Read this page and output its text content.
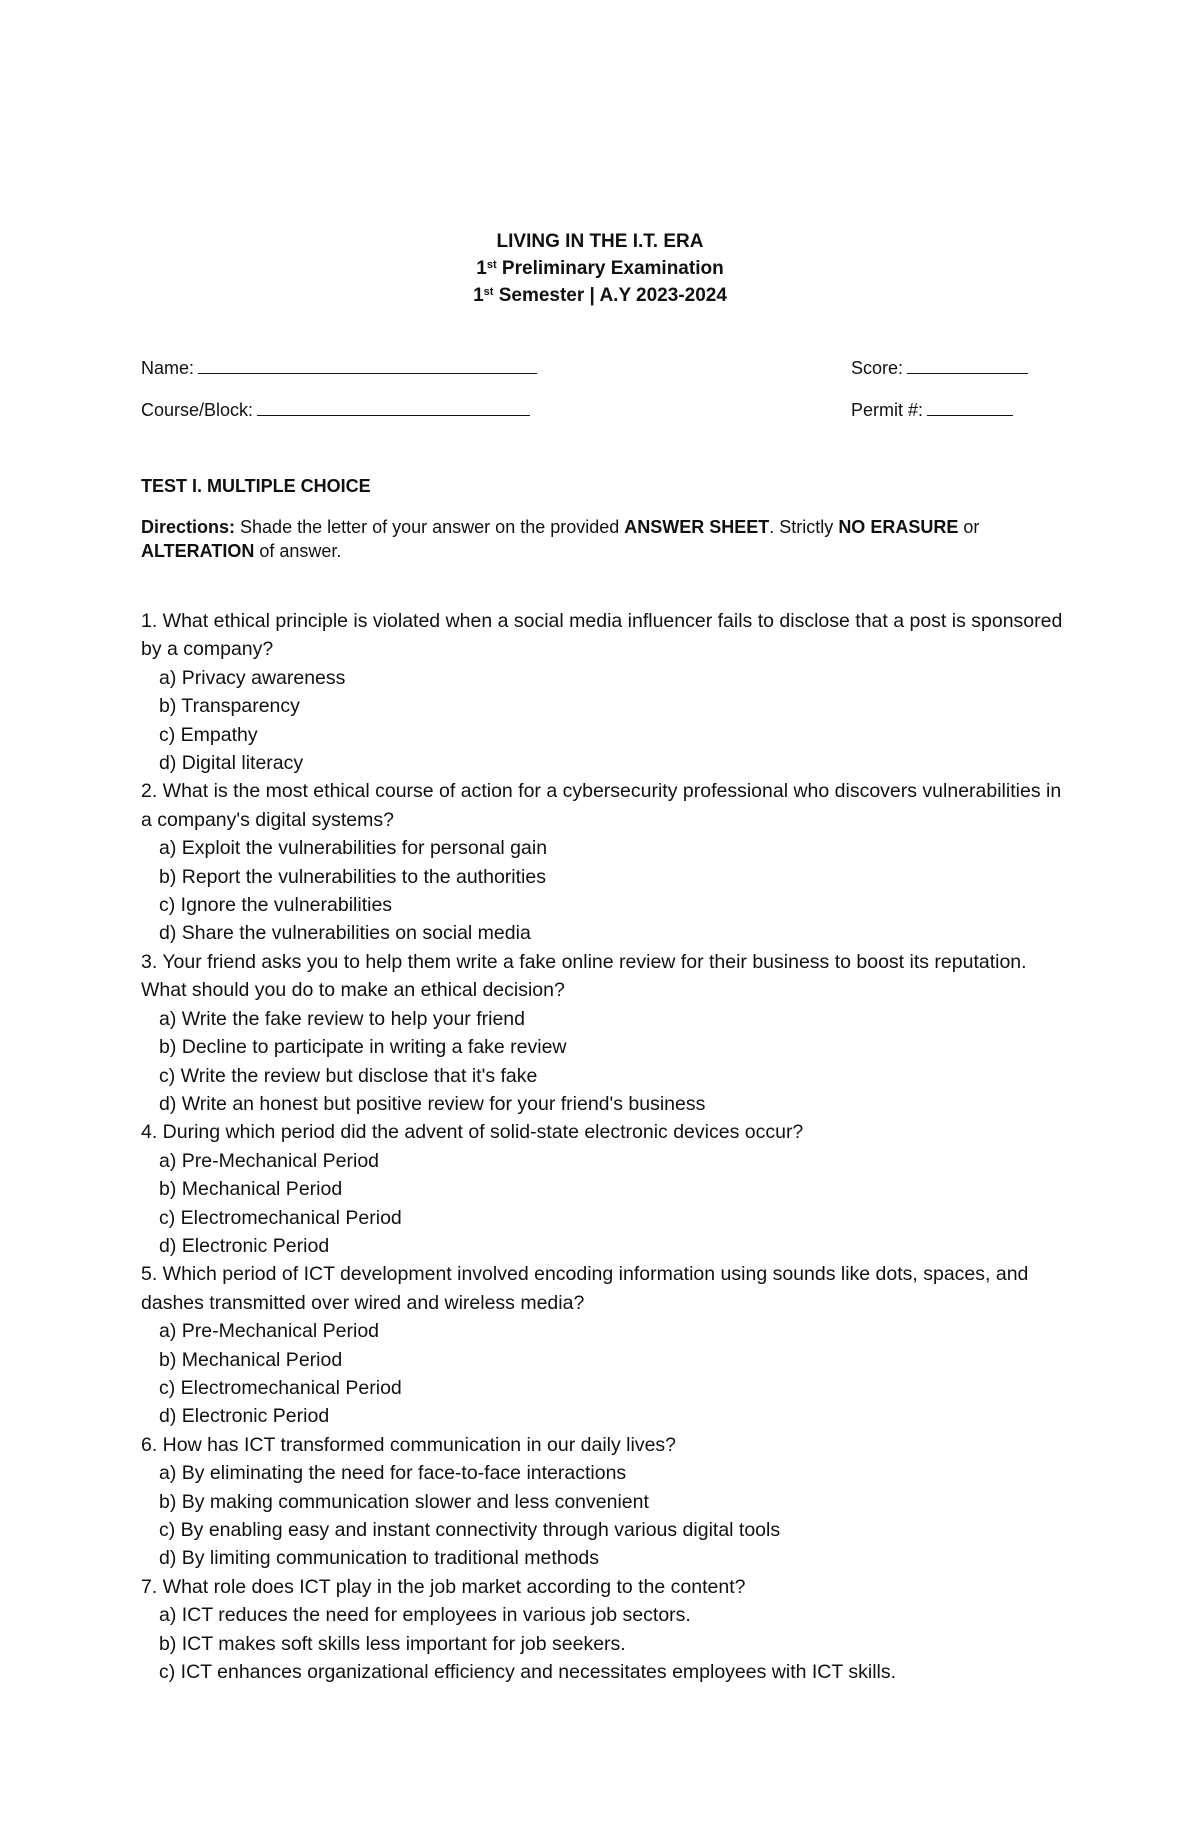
LIVING IN THE I.T. ERA
1st Preliminary Examination
1st Semester | A.Y 2023-2024
Name:	Score:
Course/Block:	Permit #:
TEST I. MULTIPLE CHOICE
Directions: Shade the letter of your answer on the provided ANSWER SHEET. Strictly NO ERASURE or ALTERATION of answer.

1. What ethical principle is violated when a social media influencer fails to disclose that a post is sponsored by a company?

a) Privacy awareness

b) Transparency

c) Empathy

d) Digital literacy

2. What is the most ethical course of action for a cybersecurity professional who discovers vulnerabilities in a company's digital systems?

a) Exploit the vulnerabilities for personal gain

b) Report the vulnerabilities to the authorities

c) Ignore the vulnerabilities

d) Share the vulnerabilities on social media

3. Your friend asks you to help them write a fake online review for their business to boost its reputation. What should you do to make an ethical decision?

a) Write the fake review to help your friend

b) Decline to participate in writing a fake review

c) Write the review but disclose that it's fake

d) Write an honest but positive review for your friend's business

4. During which period did the advent of solid-state electronic devices occur?

a) Pre-Mechanical Period

b) Mechanical Period

c) Electromechanical Period

d) Electronic Period

5. Which period of ICT development involved encoding information using sounds like dots, spaces, and dashes transmitted over wired and wireless media?

a) Pre-Mechanical Period

b) Mechanical Period

c) Electromechanical Period

d) Electronic Period

6. How has ICT transformed communication in our daily lives?

a) By eliminating the need for face-to-face interactions

b) By making communication slower and less convenient

c) By enabling easy and instant connectivity through various digital tools

d) By limiting communication to traditional methods

7. What role does ICT play in the job market according to the content?

a) ICT reduces the need for employees in various job sectors.

b) ICT makes soft skills less important for job seekers.

c) ICT enhances organizational efficiency and necessitates employees with ICT skills.
